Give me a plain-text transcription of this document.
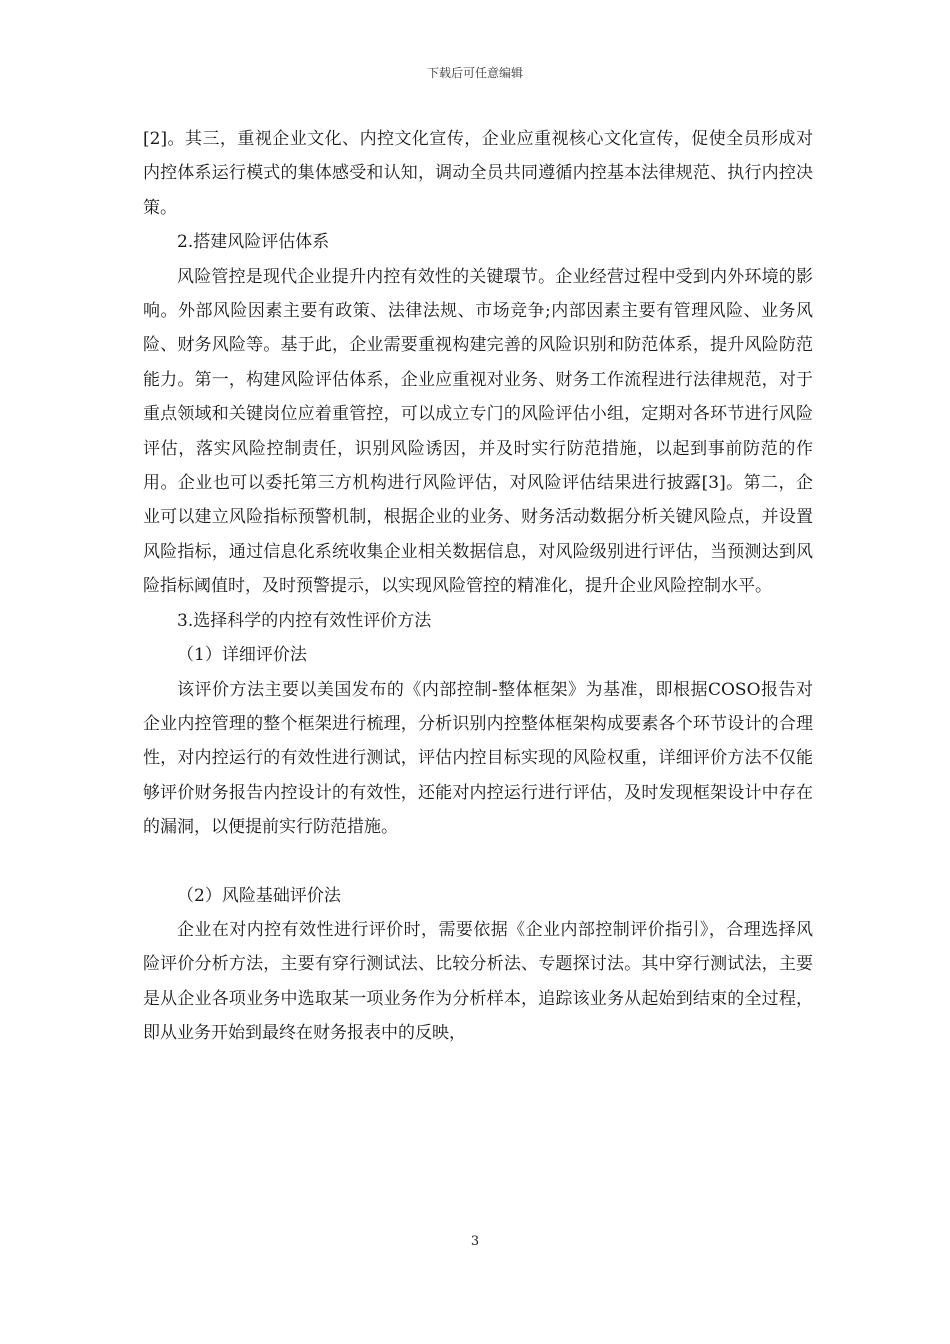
下载后可任意编辑

[2]。其三，重视企业文化、内控文化宣传，企业应重视核心文化宣传，促使全员形成对内控体系运行模式的集体感受和认知，调动全员共同遵循内控基本法律规范、执行内控决策。

2.搭建风险评估体系

风险管控是现代企业提升内控有效性的关键環节。企业经营过程中受到内外环境的影响。外部风险因素主要有政策、法律法规、市场竞争;内部因素主要有管理风险、业务风险、财务风险等。基于此，企业需要重视构建完善的风险识别和防范体系，提升风险防范能力。第一，构建风险评估体系，企业应重视对业务、财务工作流程进行法律规范，对于重点领域和关键岗位应着重管控，可以成立专门的风险评估小组，定期对各环节进行风险评估，落实风险控制责任，识别风险诱因，并及时实行防范措施，以起到事前防范的作用。企业也可以委托第三方机构进行风险评估，对风险评估结果进行披露[3]。第二，企业可以建立风险指标预警机制，根据企业的业务、财务活动数据分析关键风险点，并设置风险指标，通过信息化系统收集企业相关数据信息，对风险级别进行评估，当预测达到风险指标阈值时，及时预警提示，以实现风险管控的精准化，提升企业风险控制水平。

3.选择科学的内控有效性评价方法

（1）详细评价法

该评价方法主要以美国发布的《内部控制-整体框架》为基准，即根据COSO报告对企业内控管理的整个框架进行梳理，分析识别内控整体框架构成要素各个环节设计的合理性，对内控运行的有效性进行测试，评估内控目标实现的风险权重，详细评价方法不仅能够评价财务报告内控设计的有效性，还能对内控运行进行评估，及时发现框架设计中存在的漏洞，以便提前实行防范措施。

（2）风险基础评价法

企业在对内控有效性进行评价时，需要依据《企业内部控制评价指引》，合理选择风险评价分析方法，主要有穿行测试法、比较分析法、专题探讨法。其中穿行测试法，主要是从企业各项业务中选取某一项业务作为分析样本，追踪该业务从起始到结束的全过程，即从业务开始到最终在财务报表中的反映，

3
